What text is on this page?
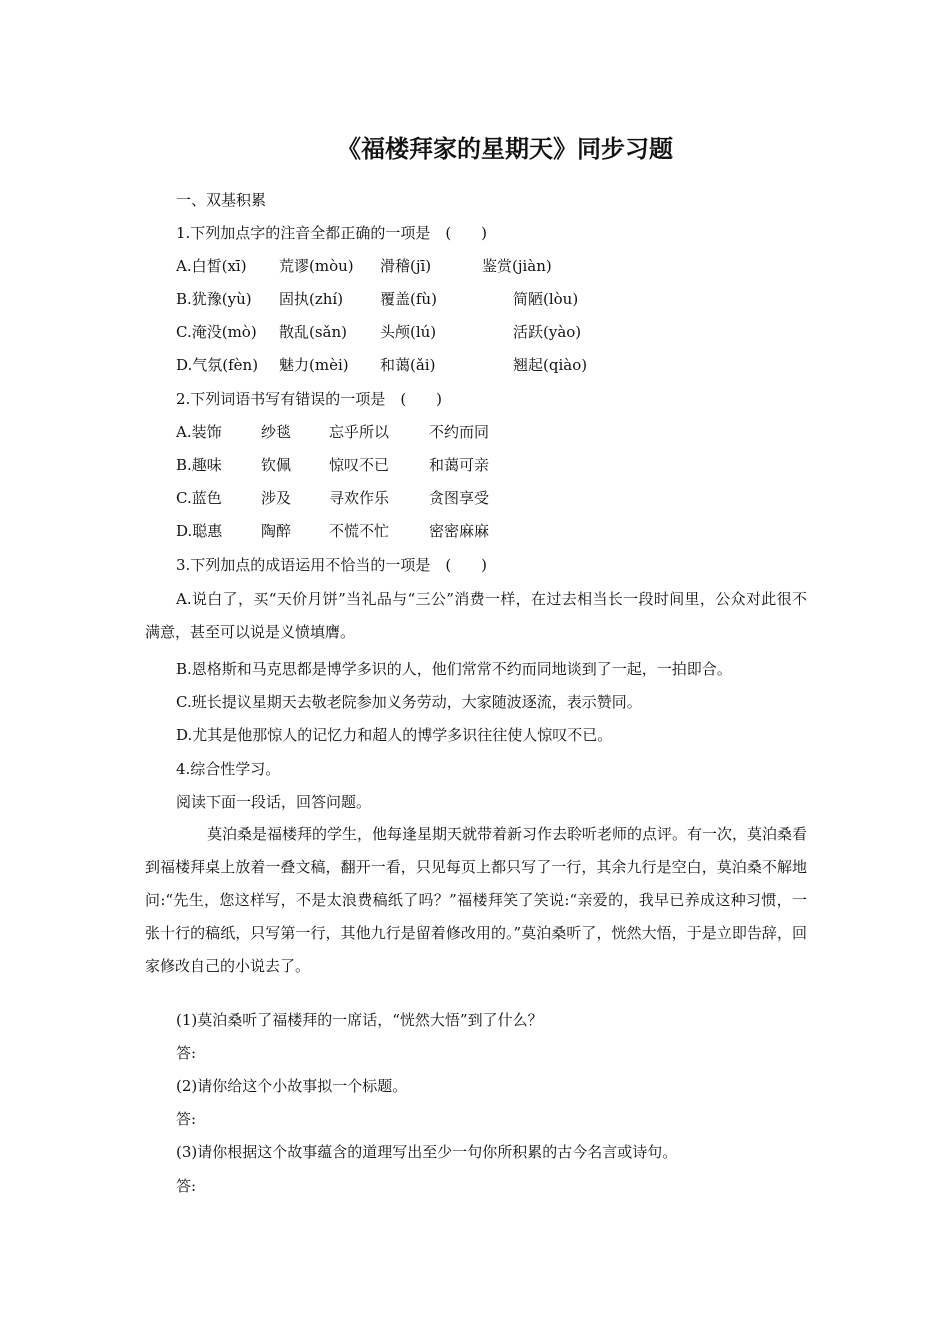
《福楼拜家的星期天》同步习题
一、双基积累
1.下列加点字的注音全都正确的一项是　(　　)
A.白皙(xī) 荒谬(mòu) 滑稽(jī)	鉴赏(jiàn)
B.犹豫(yù) 固执(zhí) 覆盖(fù)	简陋(lòu)
C.淹没(mò) 散乱(sǎn) 头颅(lú)	活跃(yào)
D.气氛(fèn) 魅力(mèi) 和蔼(ǎi)	翘起(qiào)
2.下列词语书写有错误的一项是　(　　)
A.装饰	纱毯	忘乎所以	不约而同
B.趣味	钦佩	惊叹不已	和蔼可亲
C.蓝色	涉及	寻欢作乐	贪图享受
D.聪惠	陶醉	不慌不忙	密密麻麻
3.下列加点的成语运用不恰当的一项是　(　　)
A.说白了，买“天价月饼”当礼品与“三公”消费一样，在过去相当长一段时间里，公众对此很不满意，甚至可以说是义愤填膺。
B.恩格斯和马克思都是博学多识的人，他们常常不约而同地谈到了一起，一拍即合。
C.班长提议星期天去敬老院参加义务劳动，大家随波逐流，表示赞同。
D.尤其是他那惊人的记忆力和超人的博学多识往往使人惊叹不已。
4.综合性学习。
阅读下面一段话，回答问题。
莫泊桑是福楼拜的学生，他每逢星期天就带着新习作去聆听老师的点评。有一次，莫泊桑看到福楼拜桌上放着一叠文稿，翻开一看，只见每页上都只写了一行，其余九行是空白，莫泊桑不解地问:“先生，您这样写，不是太浪费稿纸了吗？”福楼拜笑了笑说:“亲爱的，我早已养成这种习惯，一张十行的稿纸，只写第一行，其他九行是留着修改用的。”莫泊桑听了，恍然大悟，于是立即告辞，回家修改自己的小说去了。
(1)莫泊桑听了福楼拜的一席话，“恍然大悟”到了什么？
答:
(2)请你给这个小故事拟一个标题。
答:
(3)请你根据这个故事蕴含的道理写出至少一句你所积累的古今名言或诗句。
答:
